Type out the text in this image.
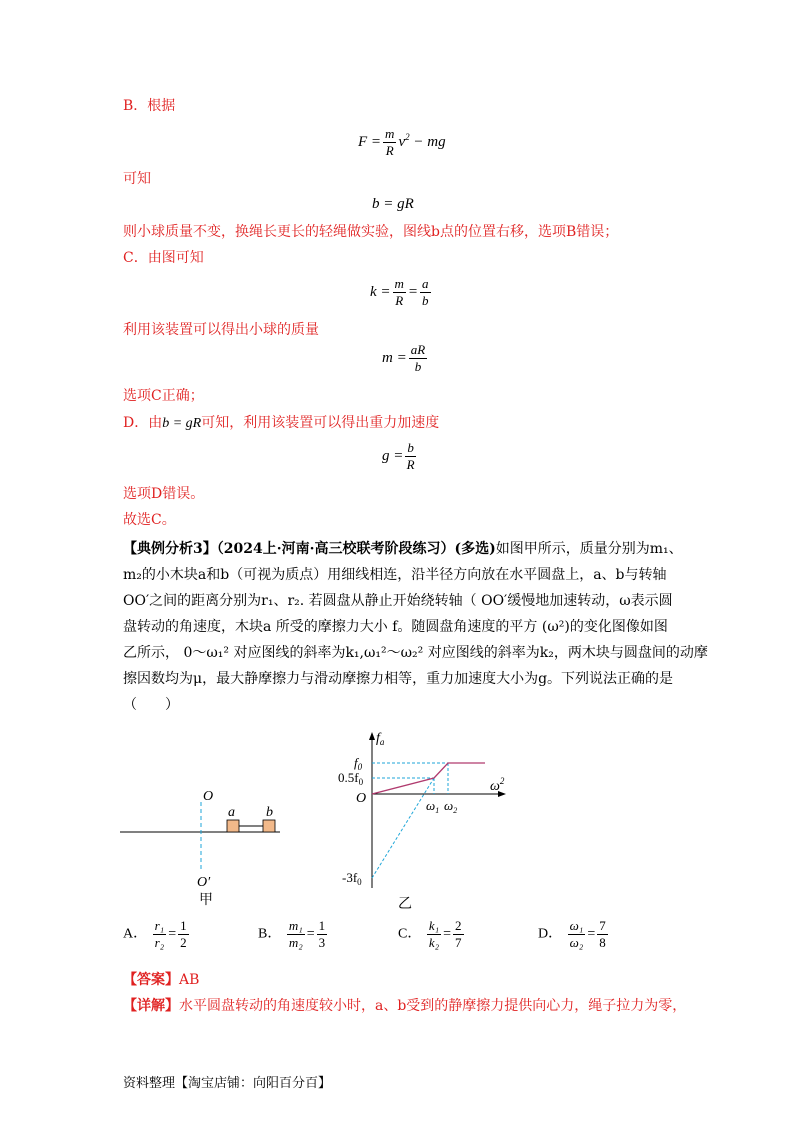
B．根据
$F = \frac{m}{R} v^2$ − mg
可知
b = gR
则小球质量不变，换绳长更长的轻绳做实验，图线b点的位置右移，选项B错误；
C．由图可知
$k = \frac{m}{R} = \frac{a}{b}$
利用该装置可以得出小球的质量
$m = \frac{aR}{b}$
选项C正确；
D．由b = gR可知，利用该装置可以得出重力加速度
$g = \frac{b}{R}$
选项D错误。
故选C。
【典例分析3】（2024上·河南·高三校联考阶段练习）(多选)如图甲所示，质量分别为m₁、
m₂的小木块a和b（可视为质点）用细线相连，沿半径方向放在水平圆盘上，a、b与转轴
OO′之间的距离分别为r₁、r₂. 若圆盘从静止开始绕转轴（ OO′缓慢地加速转动，ω表示圆
盘转动的角速度，木块a 所受的摩擦力大小 f。随圆盘角速度的平方 (ω²)的变化图像如图
乙所示， 0～ω₁² 对应图线的斜率为k₁,ω₁²～ω₂² 对应图线的斜率为k₂，两木块与圆盘间的动摩
擦因数均为μ，最大静摩擦力与滑动摩擦力相等，重力加速度大小为g。下列说法正确的是
（　　）
O
O′
a b
甲
$f_a$
$\omega^2$
$f_0$
$0.5f_0$
O
$-3f_0$
$\omega_1$ $\omega_2$
乙
A． $\frac{\text{r₁}}{\text{r₂}} = \frac{1}{2}$	B． $\frac{\text{m₁}}{\text{m₂}} = \frac{1}{3}$	C． $\frac{\text{k₁}}{\text{k₂}} = \frac{2}{7}$	D． $\frac{\text{ω₁}}{\text{ω₂}} = \frac{7}{8}$
【答案】AB
【详解】水平圆盘转动的角速度较小时，a、b受到的静摩擦力提供向心力，绳子拉力为零，
资料整理【淘宝店铺：向阳百分百】
